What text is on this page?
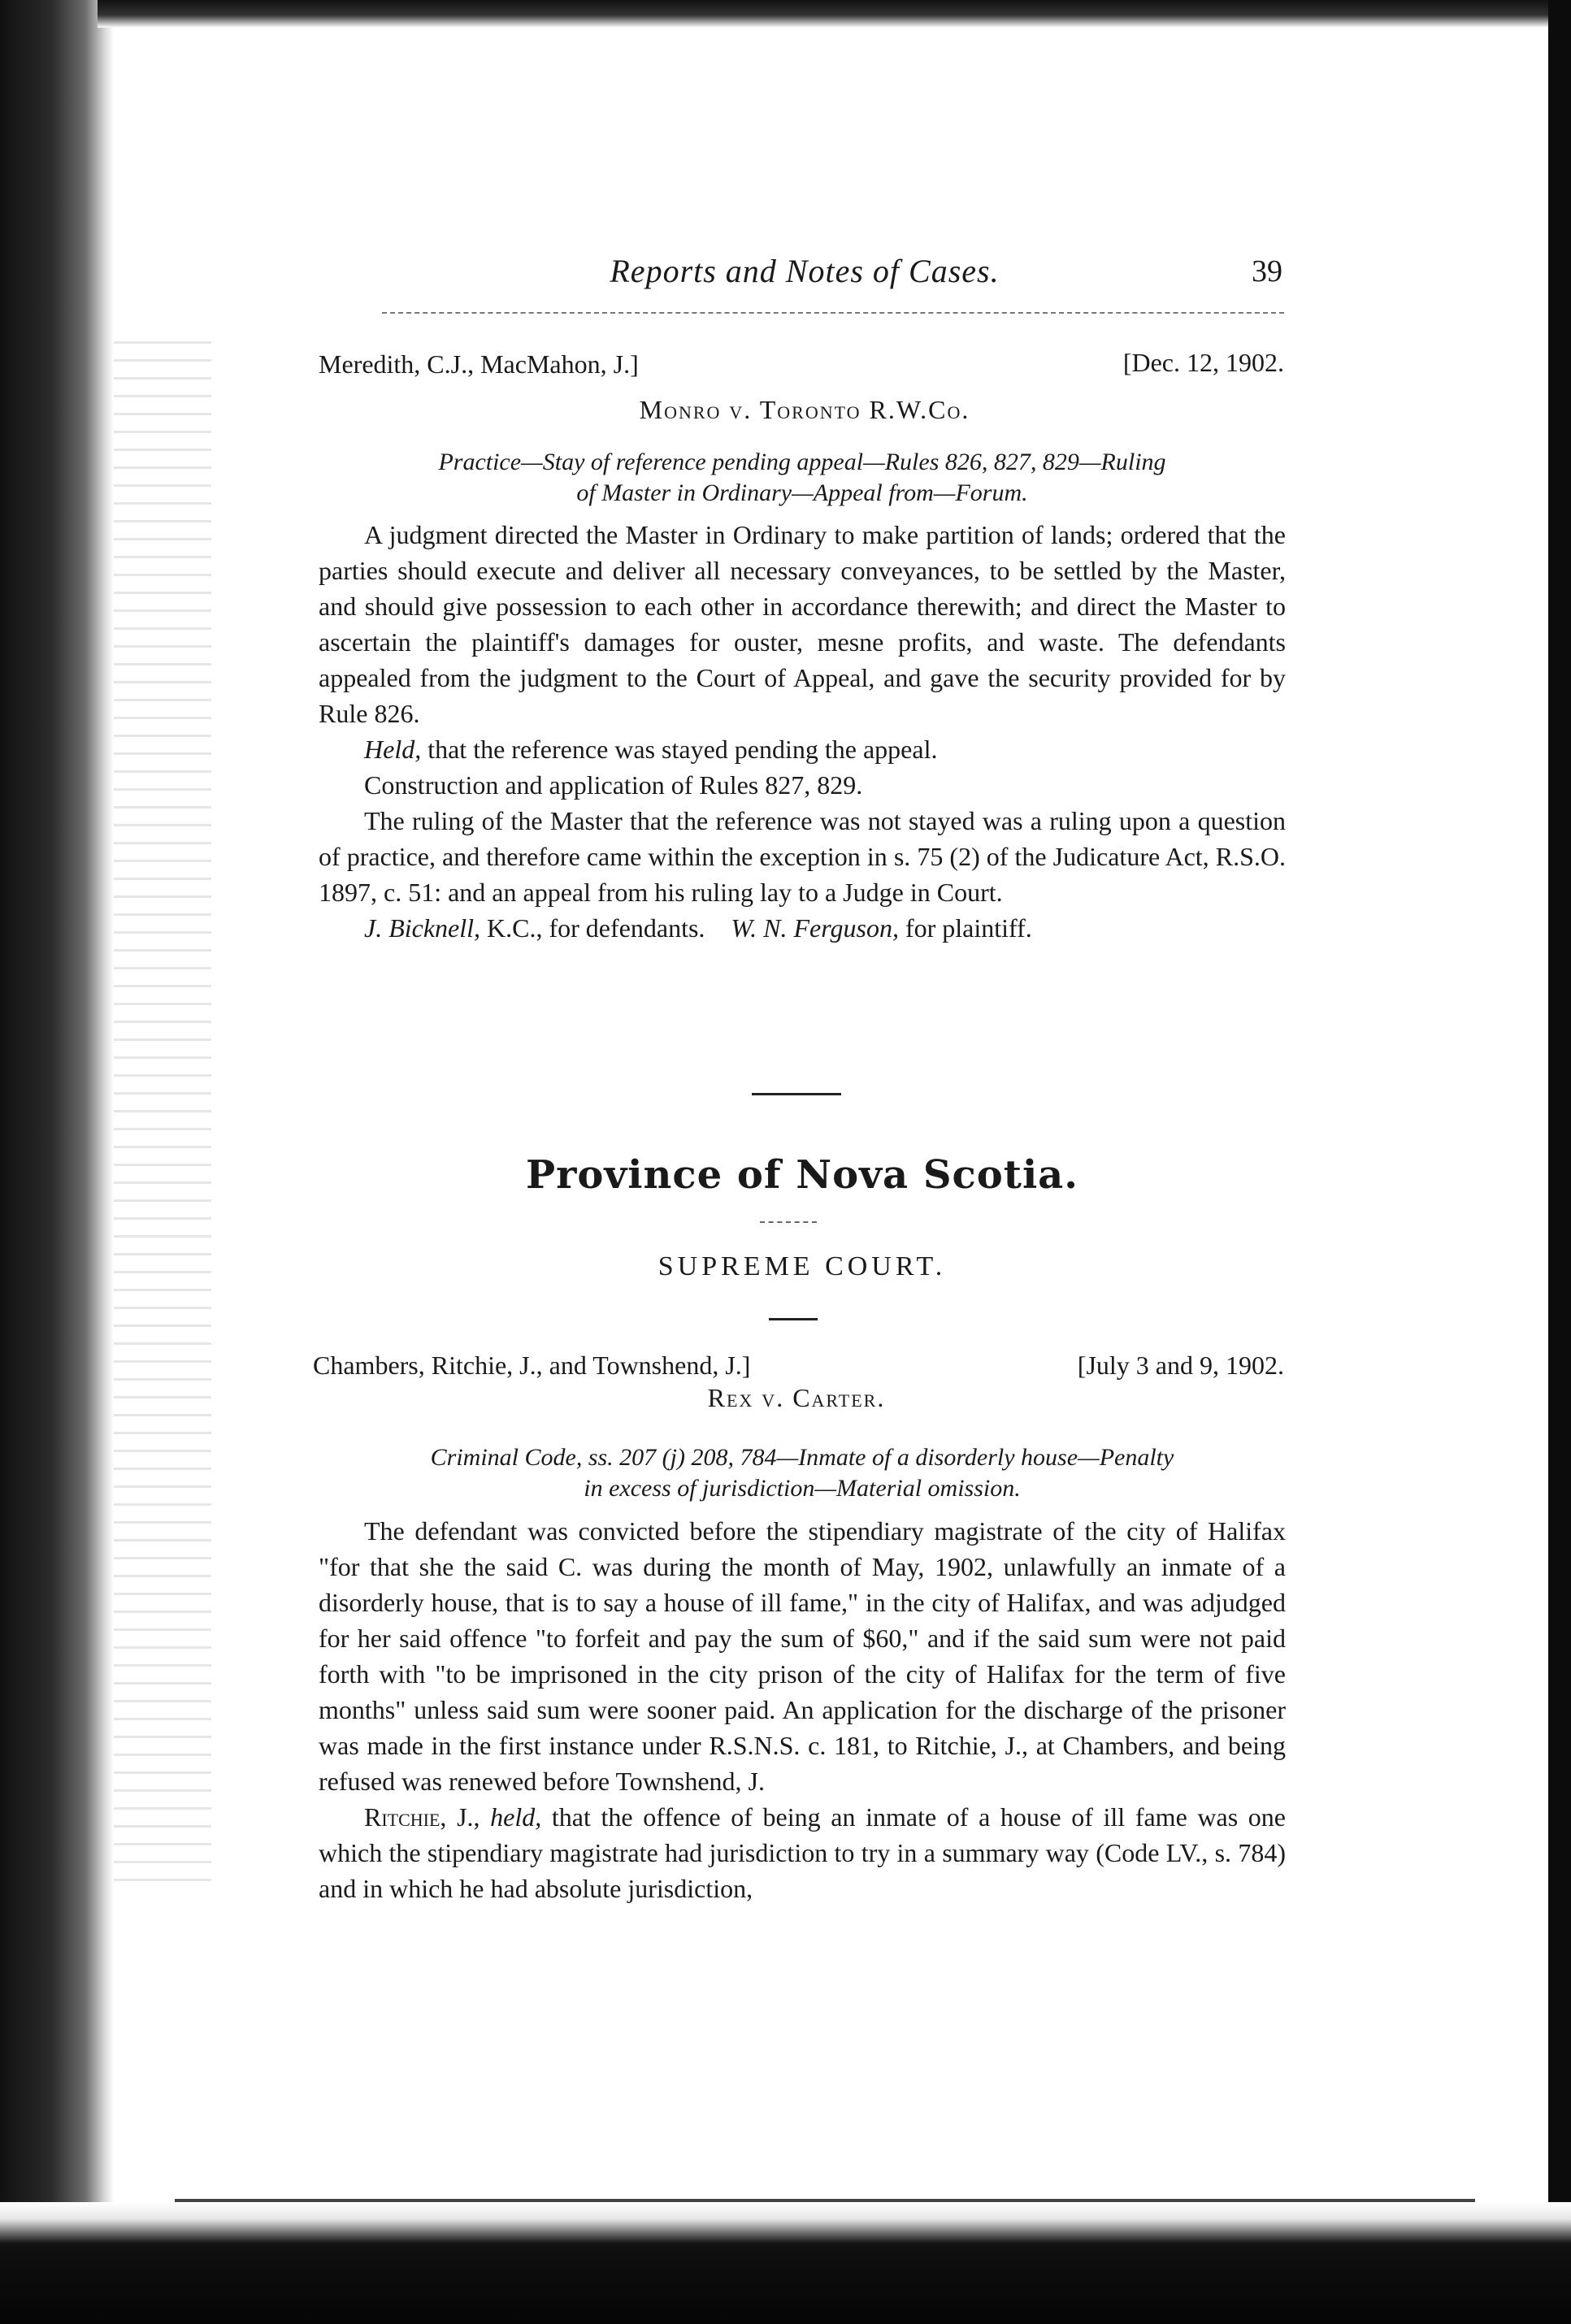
Reports and Notes of Cases.	39
Meredith, C.J., MacMahon, J.]	[Dec. 12, 1902.
Monro v. Toronto R.W.Co.
Practice—Stay of reference pending appeal—Rules 826, 827, 829—Ruling
of Master in Ordinary—Appeal from—Forum.

A judgment directed the Master in Ordinary to make partition of lands; ordered that the parties should execute and deliver all necessary conveyances, to be settled by the Master, and should give possession to each other in accordance therewith; and direct the Master to ascertain the plaintiff's damages for ouster, mesne profits, and waste. The defendants appealed from the judgment to the Court of Appeal, and gave the security provided for by Rule 826.

Held, that the reference was stayed pending the appeal.

Construction and application of Rules 827, 829.

The ruling of the Master that the reference was not stayed was a ruling upon a question of practice, and therefore came within the exception in s. 75 (2) of the Judicature Act, R.S.O. 1897, c. 51: and an appeal from his ruling lay to a Judge in Court.

J. Bicknell, K.C., for defendants. W. N. Ferguson, for plaintiff.

Province of Nova Scotia.
SUPREME COURT.
Chambers, Ritchie, J., and Townshend, J.]	[July 3 and 9, 1902.
Rex v. Carter.
Criminal Code, ss. 207 (j) 208, 784—Inmate of a disorderly house—Penalty
in excess of jurisdiction—Material omission.

The defendant was convicted before the stipendiary magistrate of the city of Halifax "for that she the said C. was during the month of May, 1902, unlawfully an inmate of a disorderly house, that is to say a house of ill fame," in the city of Halifax, and was adjudged for her said offence "to forfeit and pay the sum of $60," and if the said sum were not paid forth with "to be imprisoned in the city prison of the city of Halifax for the term of five months" unless said sum were sooner paid. An application for the discharge of the prisoner was made in the first instance under R.S.N.S. c. 181, to Ritchie, J., at Chambers, and being refused was renewed before Townshend, J.

Ritchie, J., held, that the offence of being an inmate of a house of ill fame was one which the stipendiary magistrate had jurisdiction to try in a summary way (Code LV., s. 784) and in which he had absolute jurisdiction,
